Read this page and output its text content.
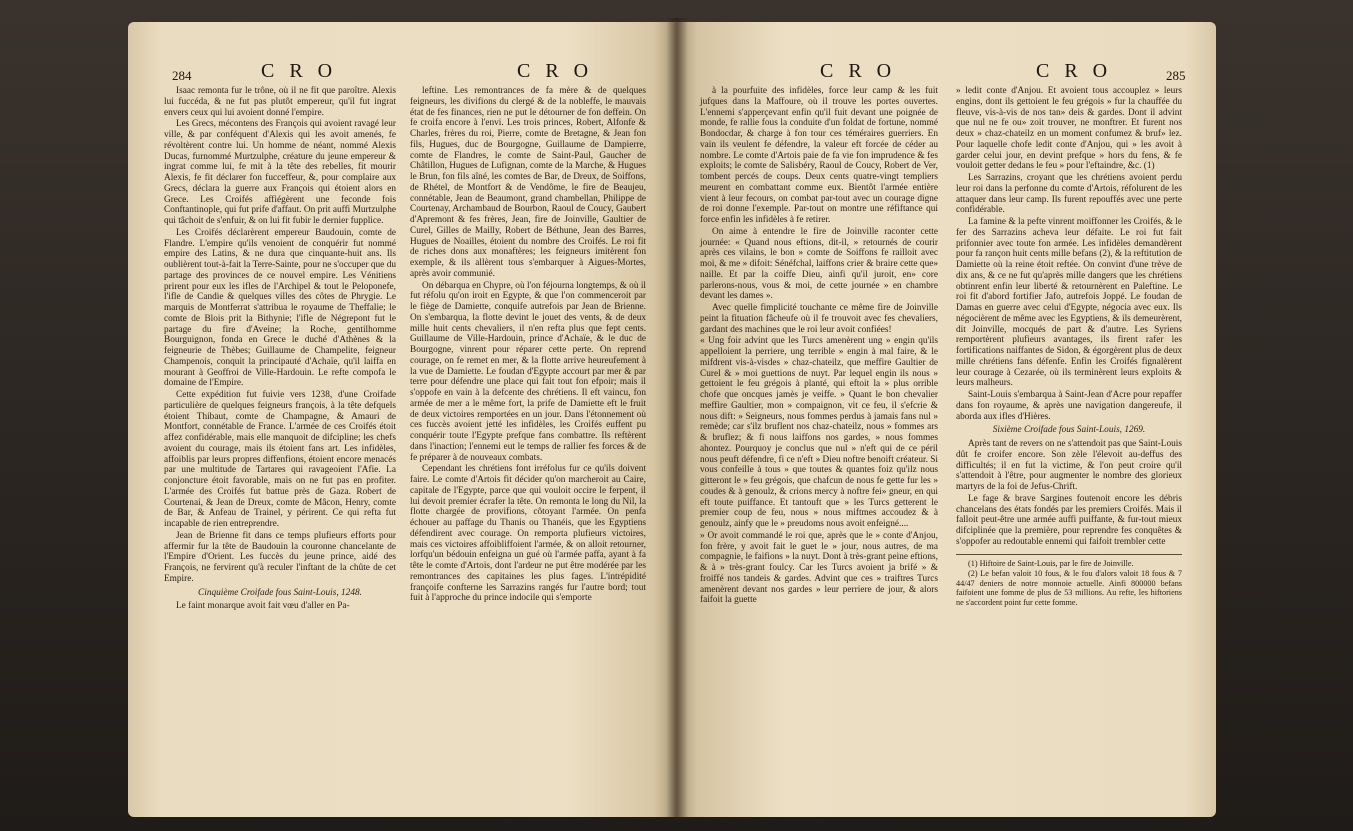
284	C R O	C R O

Isaac remonta fur le trône, où il ne fit que paroître. Alexis lui fuccéda, & ne fut pas plutôt empereur, qu'il fut ingrat envers ceux qui lui avoient donné l'empire.

Les Grecs, mécontens des François qui avoient ravagé leur ville, & par conféquent d'Alexis qui les avoit amenés, fe révoltèrent contre lui. Un homme de néant, nommé Alexis Ducas, furnommé Murtzulphe, créature du jeune empereur & ingrat comme lui, fe mit à la tête des rebelles, fit mourir Alexis, fe fit déclarer fon fucceffeur, &, pour complaire aux Grecs, déclara la guerre aux François qui étoient alors en Grece. Les Croifés affiégèrent une feconde fois Conftantinople, qui fut prife d'affaut. On prit auffi Murtzulphe qui tâchoit de s'enfuir, & on lui fit fubir le dernier fupplice.

Les Croifés déclarèrent empereur Baudouin, comte de Flandre. L'empire qu'ils venoient de conquérir fut nommé empire des Latins, & ne dura que cinquante-huit ans. Ils oublièrent tout-à-fait la Terre-Sainte, pour ne s'occuper que du partage des provinces de ce nouvel empire. Les Vénitiens prirent pour eux les ifles de l'Archipel & tout le Peloponefe, l'ifle de Candie & quelques villes des côtes de Phrygie. Le marquis de Montferrat s'attribua le royaume de Theffalie; le comte de Blois prit la Bithynie; l'ifle de Négrepont fut le partage du fire d'Aveine; la Roche, gentilhomme Bourguignon, fonda en Grece le duché d'Athènes & la feigneurie de Thèbes; Guillaume de Champelite, feigneur Champenois, conquit la principauté d'Achaïe, qu'il laiffa en mourant à Geoffroi de Ville-Hardouin. Le refte compofa le domaine de l'Empire.

Cette expédition fut fuivie vers 1238, d'une Croifade particulière de quelques feigneurs françois, à la tête defquels étoient Thibaut, comte de Champagne, & Amauri de Montfort, connétable de France. L'armée de ces Croifés étoit affez confidérable, mais elle manquoit de difcipline; les chefs avoient du courage, mais ils étoient fans art. Les infidèles, affoiblis par leurs propres diffenfions, étoient encore menacés par une multitude de Tartares qui ravageoient l'Afie. La conjoncture étoit favorable, mais on ne fut pas en profiter. L'armée des Croifés fut battue près de Gaza. Robert de Courtenai, & Jean de Dreux, comte de Mâcon, Henry, comte de Bar, & Anfeau de Trainel, y périrent. Ce qui refta fut incapable de rien entreprendre.

Jean de Brienne fit dans ce temps plufieurs efforts pour affermir fur la tête de Baudouin la couronne chancelante de l'Empire d'Orient. Les fuccès du jeune prince, aidé des François, ne fervirent qu'à reculer l'inftant de la chûte de cet Empire.

Cinquième Croifade fous Saint-Louis, 1248.

Le faint monarque avoit fait vœu d'aller en Pa-

leftine. Les remontrances de fa mère & de quelques feigneurs, les divifions du clergé & de la nobleffe, le mauvais état de fes finances, rien ne put le détourner de fon deffein. On fe croifa encore à l'envi. Les trois princes, Robert, Alfonfe & Charles, frères du roi, Pierre, comte de Bretagne, & Jean fon fils, Hugues, duc de Bourgogne, Guillaume de Dampierre, comte de Flandres, le comte de Saint-Paul, Gaucher de Châtillon, Hugues de Lufignan, comte de la Marche, & Hugues le Brun, fon fils aîné, les comtes de Bar, de Dreux, de Soiffons, de Rhétel, de Montfort & de Vendôme, le fire de Beaujeu, connétable, Jean de Beaumont, grand chambellan, Philippe de Courtenay, Archambaud de Bourbon, Raoul de Coucy, Gaubert d'Apremont & fes frères, Jean, fire de Joinville, Gaultier de Curel, Gilles de Mailly, Robert de Béthune, Jean des Barres, Hugues de Noailles, étoient du nombre des Croifés. Le roi fit de riches dons aux monaftères; les feigneurs imitèrent fon exemple, & ils allèrent tous s'embarquer à Aigues-Mortes, après avoir communié.

On débarqua en Chypre, où l'on féjourna longtemps, & où il fut réfolu qu'on iroit en Egypte, & que l'on commenceroit par le fiège de Damiette, conquife autrefois par Jean de Brienne. On s'embarqua, la flotte devint le jouet des vents, & de deux mille huit cents chevaliers, il n'en refta plus que fept cents. Guillaume de Ville-Hardouin, prince d'Achaïe, & le duc de Bourgogne, vinrent pour réparer cette perte. On reprend courage, on fe remet en mer, & la flotte arrive heureufement à la vue de Damiette. Le foudan d'Egypte accourt par mer & par terre pour défendre une place qui fait tout fon efpoir; mais il s'oppofe en vain à la defcente des chrétiens. Il eft vaincu, fon armée de mer a le même fort, la prife de Damiette eft le fruit de deux victoires remportées en un jour. Dans l'étonnement où ces fuccès avoient jetté les infidèles, les Croifés euffent pu conquérir toute l'Egypte prefque fans combattre. Ils reftèrent dans l'inaction; l'ennemi eut le temps de rallier fes forces & de fe préparer à de nouveaux combats.

Cependant les chrétiens font irréfolus fur ce qu'ils doivent faire. Le comte d'Artois fit décider qu'on marcheroit au Caire, capitale de l'Egypte, parce que qui vouloit occire le ferpent, il lui devoit premier écrafer la tête. On remonta le long du Nil, la flotte chargée de provifions, côtoyant l'armée. On penfa échouer au paffage du Thanis ou Thanéis, que les Egyptiens défendirent avec courage. On remporta plufieurs victoires, mais ces victoires affoibliffoient l'armée, & on alloit retourner, lorfqu'un bédouin enfeigna un gué où l'armée paffa, ayant à fa tête le comte d'Artois, dont l'ardeur ne put être modérée par les remontrances des capitaines les plus fages. L'intrépidité françoife confterne les Sarrazins rangés fur l'autre bord; tout fuit à l'approche du prince indocile qui s'emporte

C R O	C R O	285

à la pourfuite des infidèles, force leur camp & les fuit jufques dans la Maffoure, où il trouve les portes ouvertes. L'ennemi s'apperçevant enfin qu'il fuit devant une poignée de monde, fe rallie fous la conduite d'un foldat de fortune, nommé Bondocdar, & charge à fon tour ces téméraires guerriers. En vain ils veulent fe défendre, la valeur eft forcée de céder au nombre. Le comte d'Artois paie de fa vie fon imprudence & fes exploits; le comte de Salisbéry, Raoul de Coucy, Robert de Ver, tombent percés de coups. Deux cents quatre-vingt templiers meurent en combattant comme eux. Bientôt l'armée entière vient à leur fecours, on combat par-tout avec un courage digne de roi donne l'exemple. Par-tout on montre une réfiftance qui force enfin les infidèles à fe retirer.

On aime à entendre le fire de Joinville raconter cette journée: « Quand nous eftions, dit-il, » retournés de courir après ces vilains, le bon » comte de Soiffons fe railloit avec moi, & me » difoit: Sénéfchal, laiffons crier & braire cette que» naille. Et par la coiffe Dieu, ainfi qu'il juroit, en» core parlerons-nous, vous & moi, de cette journée » en chambre devant les dames ».

Avec quelle fimplicité touchante ce même fire de Joinville peint la fituation fâcheufe où il fe trouvoit avec fes chevaliers, gardant des machines que le roi leur avoit confiées!

« Ung foir advint que les Turcs amenèrent ung » engin qu'ils appelloient la perriere, ung terrible » engin à mal faire, & le mifdrent vis-à-visdes » chaz-chateilz, que meffire Gaultier de Curel & » moi guettions de nuyt. Par lequel engin ils nous » gettoient le feu grégois à planté, qui eftoit la » plus orrible chofe que oncques jamès je veiffe. » Quant le bon chevalier meffire Gaultier, mon » compaignon, vit ce feu, il s'efcrie & nous dift: » Seigneurs, nous fommes perdus à jamais fans nul » remède; car s'ilz bruflent nos chaz-chateilz, nous » fommes ars & bruflez; & fi nous laiffons nos gardes, » nous fommes ahontez. Pourquoy je conclus que nul » n'eft qui de ce péril nous peuft défendre, fi ce n'eft » Dieu noftre benoift créateur. Si vous confeille à tous » que toutes & quantes foiz qu'ilz nous gitteront le » feu grégois, que chafcun de nous fe gette fur les » coudes & à genoulz, & crions mercy à noftre fei» gneur, en qui eft toute puiffance. Et tantouft que » les Turcs getterent le premier coup de feu, nous » nous miftmes accoudez & à genoulz, ainfy que le » preudoms nous avoit enfeigné....

» Or avoit commandé le roi que, après que le » conte d'Anjou, fon frère, y avoit fait le guet le » jour, nous autres, de ma compagnie, le faifions » la nuyt. Dont à très-grant peine eftions, & à » très-grant foulcy. Car les Turcs avoient ja brifé » & froiffé nos tandeis & gardes. Advint que ces » traiftres Turcs amenèrent devant nos gardes » leur perriere de jour, & alors faifoit la guette

» ledit conte d'Anjou. Et avoient tous accouplez » leurs engins, dont ils gettoient le feu grégois » fur la chauffée du fleuve, vis-à-vis de nos tan» deis & gardes. Dont il advint que nul ne fe ou» zoit trouver, ne monftrer. Et furent nos deux » chaz-chateilz en un moment confumez & bruf» lez. Pour laquelle chofe ledit conte d'Anjou, qui » les avoit à garder celui jour, en devint prefque » hors du fens, & fe vouloit getter dedans le feu » pour l'eftaindre, &c. (1)

Les Sarrazins, croyant que les chrétiens avoient perdu leur roi dans la perfonne du comte d'Artois, réfolurent de les attaquer dans leur camp. Ils furent repouffés avec une perte confidérable.

La famine & la pefte vinrent moiffonner les Croifés, & le fer des Sarrazins acheva leur défaite. Le roi fut fait prifonnier avec toute fon armée. Les infidèles demandèrent pour fa rançon huit cents mille befans (2), & la reftitution de Damiette où la reine étoit reftée. On convint d'une trève de dix ans, & ce ne fut qu'après mille dangers que les chrétiens obtinrent enfin leur liberté & retournèrent en Paleftine. Le roi fit d'abord fortifier Jafo, autrefois Joppé. Le foudan de Damas en guerre avec celui d'Egypte, négocia avec eux. Ils négocièrent de même avec les Egyptiens, & ils demeurèrent, dit Joinville, mocqués de part & d'autre. Les Syriens remportèrent plufieurs avantages, ils firent rafer les fortifications naiffantes de Sidon, & égorgèrent plus de deux mille chrétiens fans défenfe. Enfin les Croifés fignalèrent leur courage à Cezarée, où ils terminèrent leurs exploits & leurs malheurs.

Saint-Louis s'embarqua à Saint-Jean d'Acre pour repaffer dans fon royaume, & après une navigation dangereufe, il aborda aux ifles d'Hières.

Sixième Croifade fous Saint-Louis, 1269.

Après tant de revers on ne s'attendoit pas que Saint-Louis dût fe croifer encore. Son zèle l'élevoit au-deffus des difficultés; il en fut la victime, & l'on peut croire qu'il s'attendoit à l'être, pour augmenter le nombre des glorieux martyrs de la foi de Jefus-Chrift.

Le fage & brave Sargines foutenoit encore les débris chancelans des états fondés par les premiers Croifés. Mais il falloit peut-être une armée auffi puiffante, & fur-tout mieux difciplinée que la première, pour reprendre fes conquêtes & s'oppofer au redoutable ennemi qui faifoit trembler cette

(1) Hiftoire de Saint-Louis, par le fire de Joinville.

(2) Le befan valoit 10 fous, & le fou d'alors valoit 18 fous & 7 44/47 deniers de notre monnoie actuelle. Ainfi 800000 befans faifoient une fomme de plus de 53 millions. Au refte, les hiftoriens ne s'accordent point fur cette fomme.
